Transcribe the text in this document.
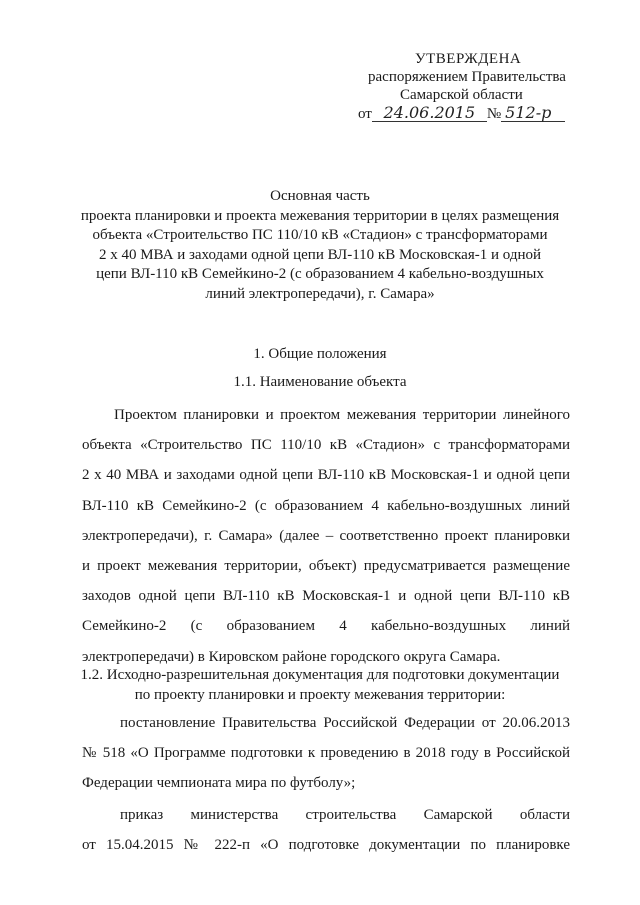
УТВЕРЖДЕНА
распоряжением Правительства
Самарской области
от 24.06.2015 № 512-р
Основная часть
проекта планировки и проекта межевания территории в целях размещения
объекта «Строительство ПС 110/10 кВ «Стадион» с трансформаторами
2 х 40 МВА и заходами одной цепи ВЛ-110 кВ Московская-1 и одной
цепи ВЛ-110 кВ Семейкино-2 (с образованием 4 кабельно-воздушных
линий электропередачи), г. Самара»
1. Общие положения
1.1. Наименование объекта
Проектом планировки и проектом межевания территории линейного
объекта «Строительство ПС 110/10 кВ «Стадион» с трансформаторами
2 х 40 МВА и заходами одной цепи ВЛ-110 кВ Московская-1 и одной цепи
ВЛ-110 кВ Семейкино-2 (с образованием 4 кабельно-воздушных линий
электропередачи), г. Самара» (далее – соответственно проект планировки
и проект межевания территории, объект) предусматривается размещение
заходов одной цепи ВЛ-110 кВ Московская-1 и одной цепи ВЛ-110 кВ
Семейкино-2 (с образованием 4 кабельно-воздушных линий
электропередачи) в Кировском районе городского округа Самара.
1.2. Исходно-разрешительная документация для подготовки документации
по проекту планировки и проекту межевания территории:
постановление Правительства Российской Федерации от 20.06.2013
№ 518 «О Программе подготовки к проведению в 2018 году в Российской
Федерации чемпионата мира по футболу»;
приказ министерства строительства Самарской области
от 15.04.2015 № 222-п «О подготовке документации по планировке
